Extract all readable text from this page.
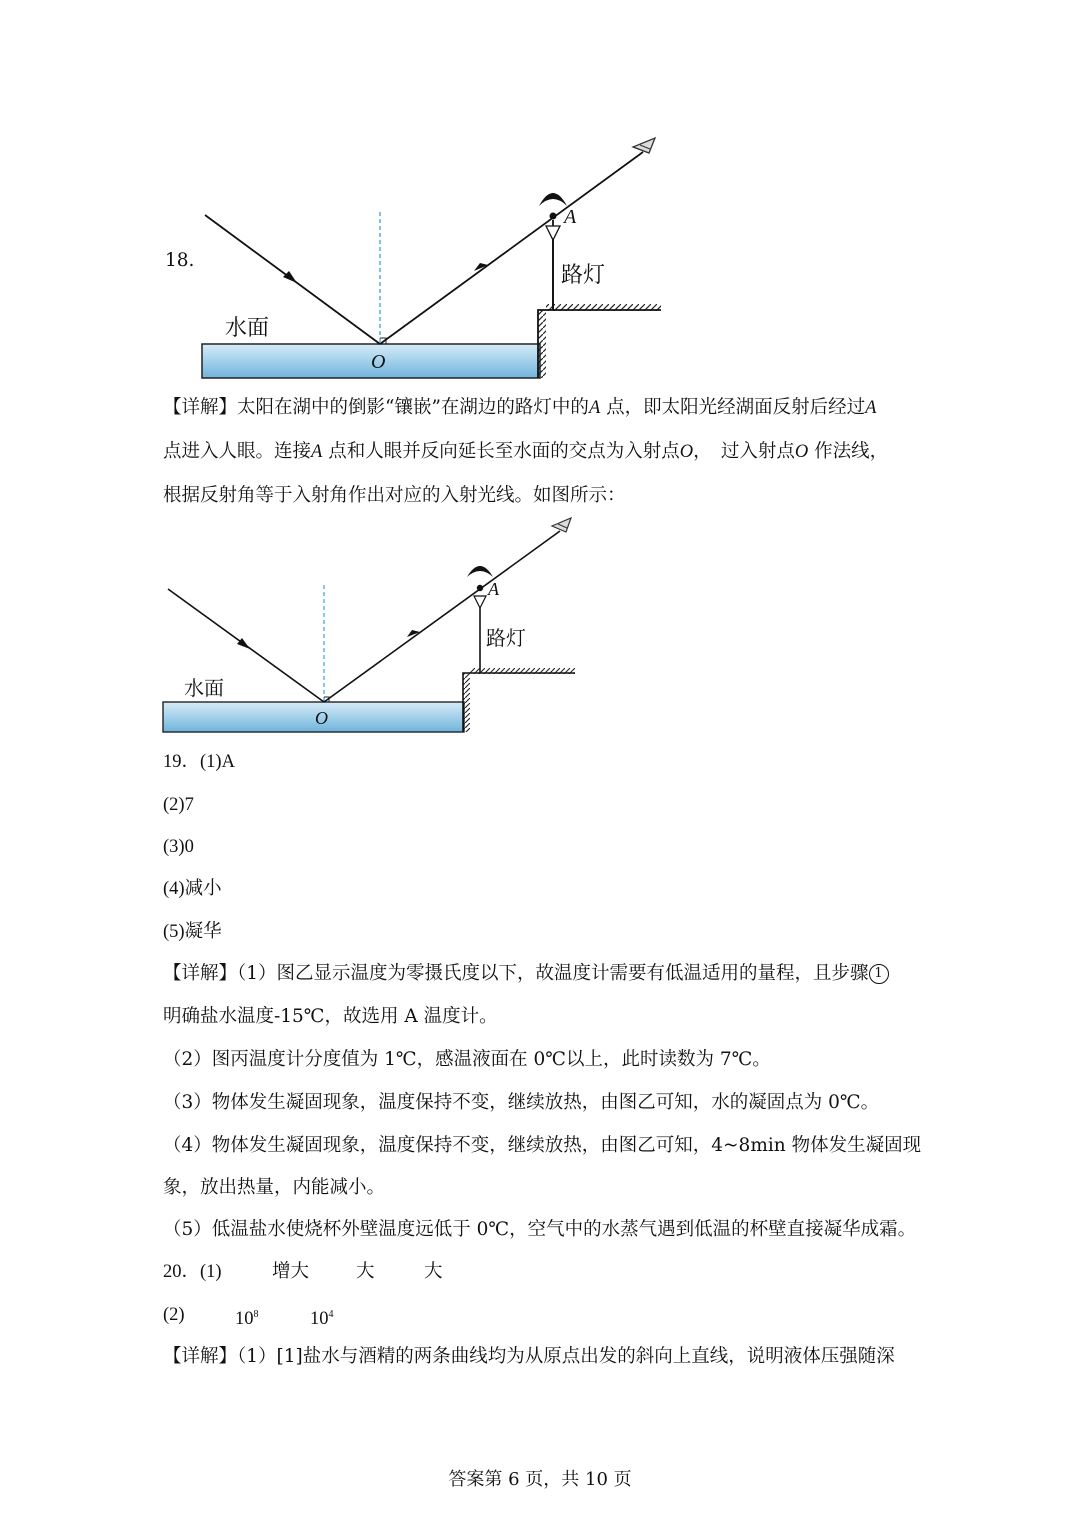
18.
水面
路灯
A
O
【详解】太阳在湖中的倒影“镶嵌”在湖边的路灯中的A 点，即太阳光经湖面反射后经过A
点进入人眼。连接A 点和人眼并反向延长至水面的交点为入射点O，　过入射点O 作法线，
根据反射角等于入射角作出对应的入射光线。如图所示：
水面
路灯
A
O
19．(1)A
(2)7
(3)0
(4)减小
(5)凝华
【详解】（1）图乙显示温度为零摄氏度以下，故温度计需要有低温适用的量程，且步骤 1
明确盐水温度-15℃，故选用 A 温度计。
（2）图丙温度计分度值为 1℃，感温液面在 0℃以上，此时读数为 7℃。
（3）物体发生凝固现象，温度保持不变，继续放热，由图乙可知，水的凝固点为 0℃。
（4）物体发生凝固现象，温度保持不变，继续放热，由图乙可知，4~8min 物体发生凝固现
象，放出热量，内能减小。
（5）低温盐水使烧杯外壁温度远低于 0℃，空气中的水蒸气遇到低温的杯壁直接凝华成霜。
20．(1)	增大	大	大
(2)	$10^8$	$10^4$
【详解】（1）[1]盐水与酒精的两条曲线均为从原点出发的斜向上直线，说明液体压强随深
答案第 6 页，共 10 页
